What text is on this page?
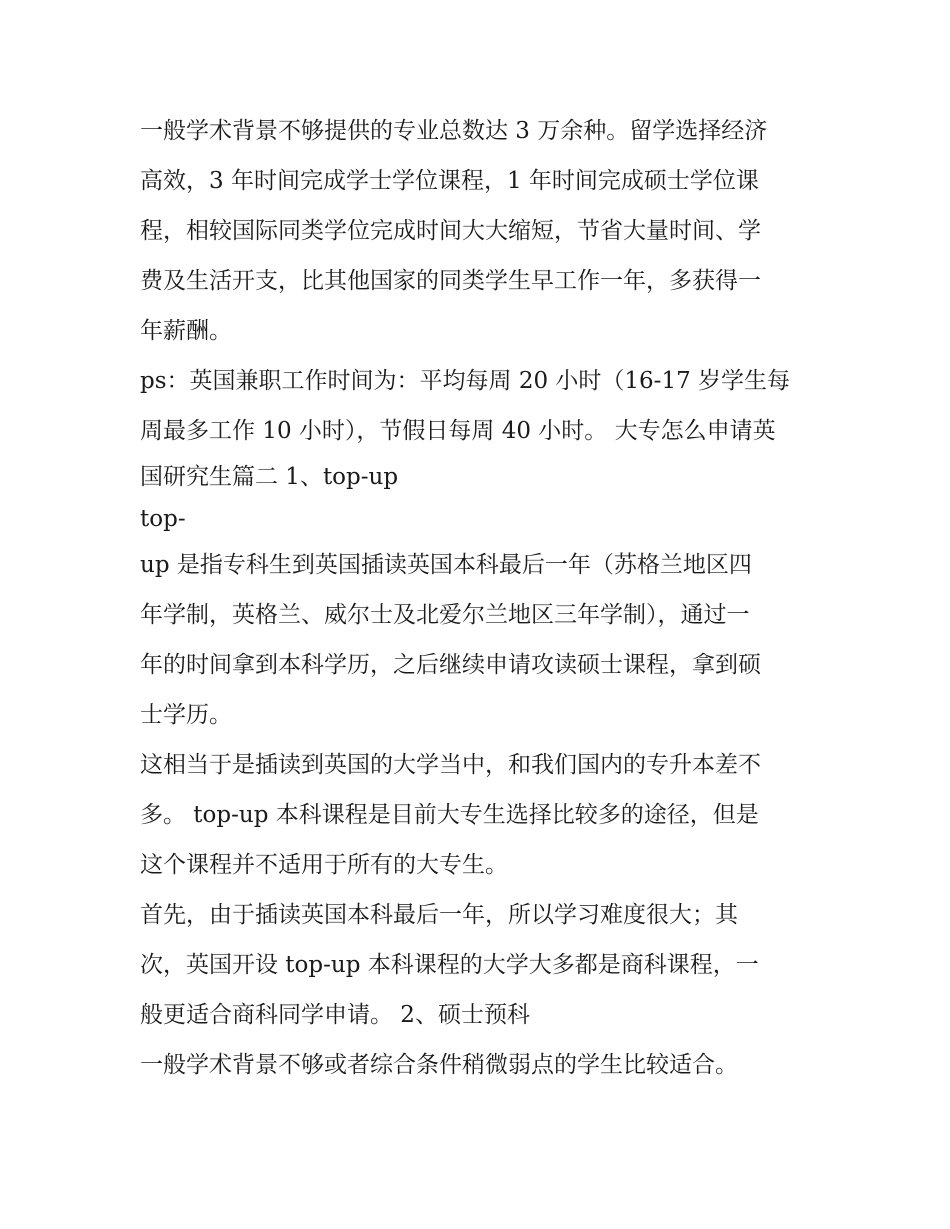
一般学术背景不够提供的专业总数达 3 万余种。留学选择经济
高效，3 年时间完成学士学位课程，1 年时间完成硕士学位课
程，相较国际同类学位完成时间大大缩短，节省大量时间、学
费及生活开支，比其他国家的同类学生早工作一年，多获得一
年薪酬。
ps：英国兼职工作时间为：平均每周 20 小时（16-17 岁学生每
周最多工作 10 小时），节假日每周 40 小时。 大专怎么申请英
国研究生篇二 1、top-up
top-
up 是指专科生到英国插读英国本科最后一年（苏格兰地区四
年学制，英格兰、威尔士及北爱尔兰地区三年学制），通过一
年的时间拿到本科学历，之后继续申请攻读硕士课程，拿到硕
士学历。
这相当于是插读到英国的大学当中，和我们国内的专升本差不
多。 top-up 本科课程是目前大专生选择比较多的途径，但是
这个课程并不适用于所有的大专生。
首先，由于插读英国本科最后一年，所以学习难度很大；其
次，英国开设 top-up 本科课程的大学大多都是商科课程，一
般更适合商科同学申请。 2、硕士预科
一般学术背景不够或者综合条件稍微弱点的学生比较适合。
